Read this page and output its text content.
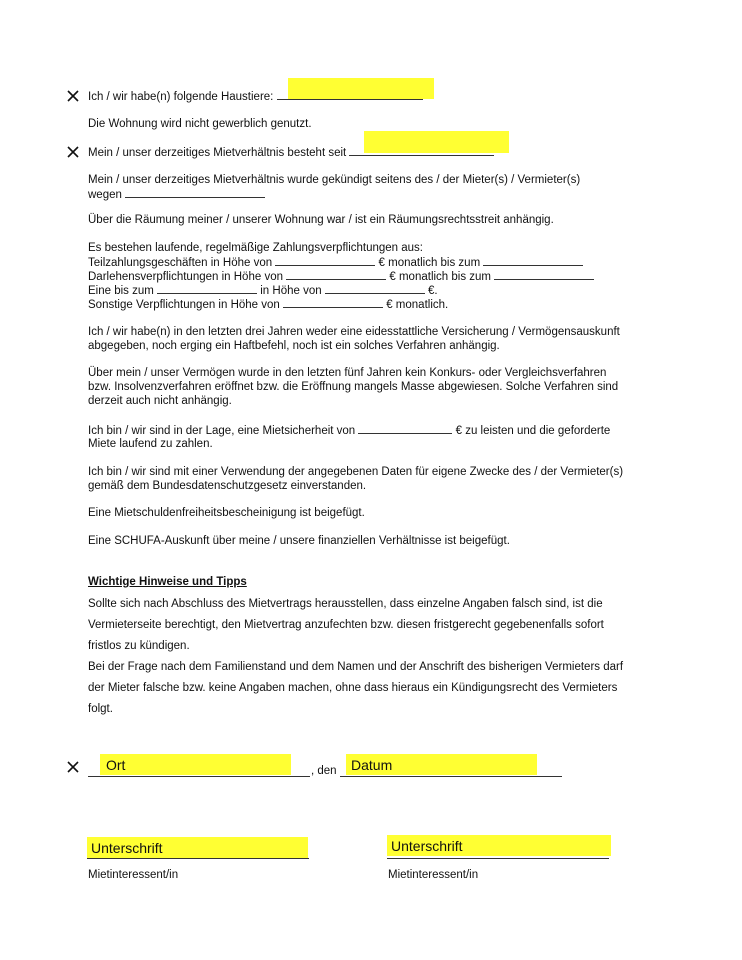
Ich / wir habe(n) folgende Haustiere:
Die Wohnung wird nicht gewerblich genutzt.
Mein / unser derzeitiges Mietverhältnis besteht seit
Mein / unser derzeitiges Mietverhältnis wurde gekündigt seitens des / der Mieter(s) / Vermieter(s)
wegen
Über die Räumung meiner / unserer Wohnung war / ist ein Räumungsrechtsstreit anhängig.
Es bestehen laufende, regelmäßige Zahlungsverpflichtungen aus:
Teilzahlungsgeschäften in Höhe von	€ monatlich bis zum
Darlehensverpflichtungen in Höhe von	€ monatlich bis zum
Eine bis zum	in Höhe von	€.
Sonstige Verpflichtungen in Höhe von	€ monatlich.
Ich / wir habe(n) in den letzten drei Jahren weder eine eidesstattliche Versicherung / Vermögensauskunft
abgegeben, noch erging ein Haftbefehl, noch ist ein solches Verfahren anhängig.
Über mein / unser Vermögen wurde in den letzten fünf Jahren kein Konkurs- oder Vergleichsverfahren
bzw. Insolvenzverfahren eröffnet bzw. die Eröffnung mangels Masse abgewiesen. Solche Verfahren sind
derzeit auch nicht anhängig.
Ich bin / wir sind in der Lage, eine Mietsicherheit von	€ zu leisten und die geforderte
Miete laufend zu zahlen.
Ich bin / wir sind mit einer Verwendung der angegebenen Daten für eigene Zwecke des / der Vermieter(s)
gemäß dem Bundesdatenschutzgesetz einverstanden.
Eine Mietschuldenfreiheitsbescheinigung ist beigefügt.
Eine SCHUFA-Auskunft über meine / unsere finanziellen Verhältnisse ist beigefügt.
Wichtige Hinweise und Tipps
Sollte sich nach Abschluss des Mietvertrags herausstellen, dass einzelne Angaben falsch sind, ist die
Vermieterseite berechtigt, den Mietvertrag anzufechten bzw. diesen fristgerecht gegebenenfalls sofort
fristlos zu kündigen.
Bei der Frage nach dem Familienstand und dem Namen und der Anschrift des bisherigen Vermieters darf
der Mieter falsche bzw. keine Angaben machen, ohne dass hieraus ein Kündigungsrecht des Vermieters
folgt.
Ort	, den Datum
Unterschrift
Mietinteressent/in
Unterschrift
Mietinteressent/in
